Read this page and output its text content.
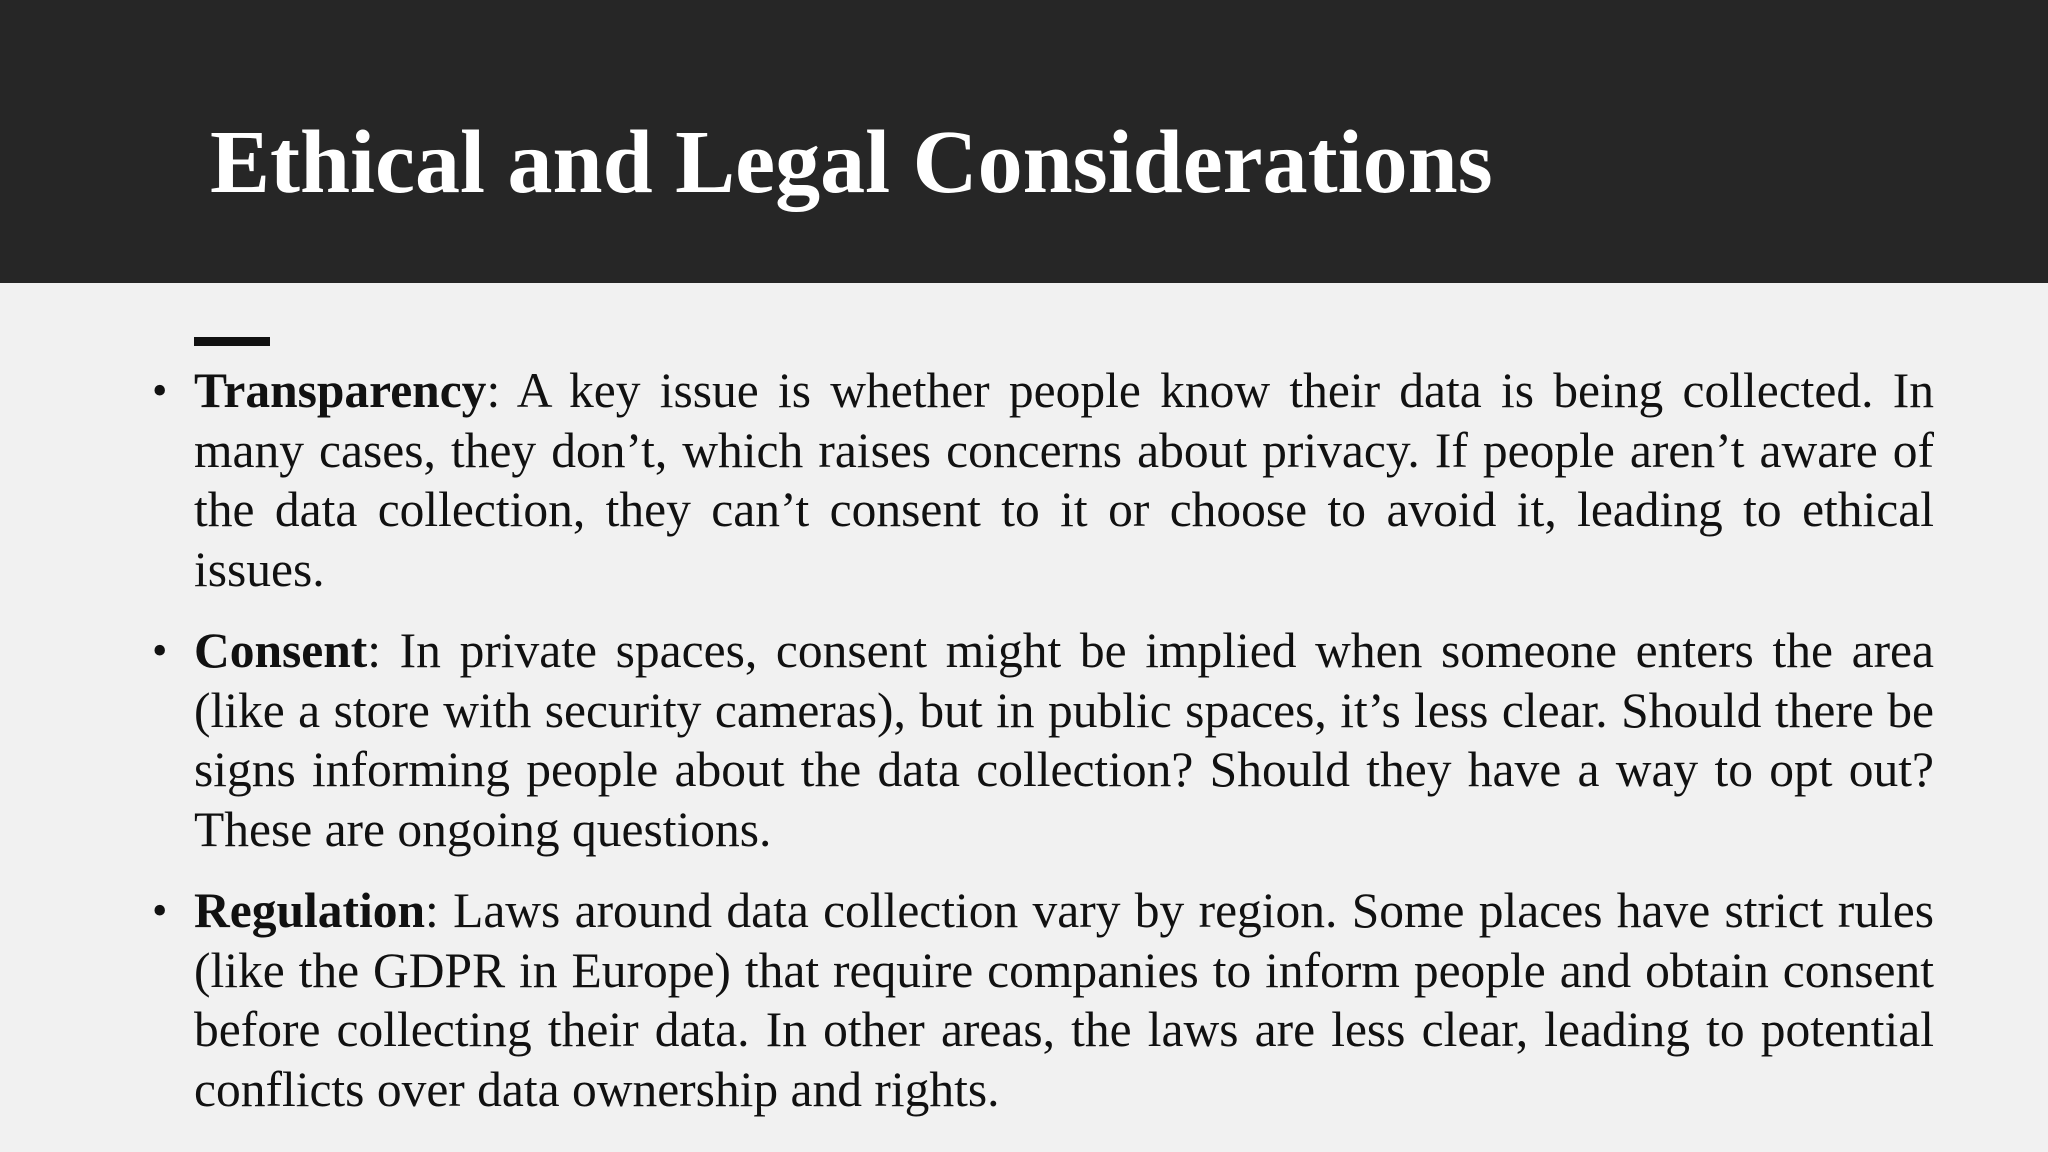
Ethical and Legal Considerations
• Transparency: A key issue is whether people know their data is being collected. In many cases, they don’t, which raises concerns about privacy. If people aren’t aware of the data collection, they can’t consent to it or choose to avoid it, leading to ethical issues.
• Consent: In private spaces, consent might be implied when someone enters the area (like a store with security cameras), but in public spaces, it’s less clear. Should there be signs informing people about the data collection? Should they have a way to opt out? These are ongoing questions.
• Regulation: Laws around data collection vary by region. Some places have strict rules (like the GDPR in Europe) that require companies to inform people and obtain consent before collecting their data. In other areas, the laws are less clear, leading to potential conflicts over data ownership and rights.
